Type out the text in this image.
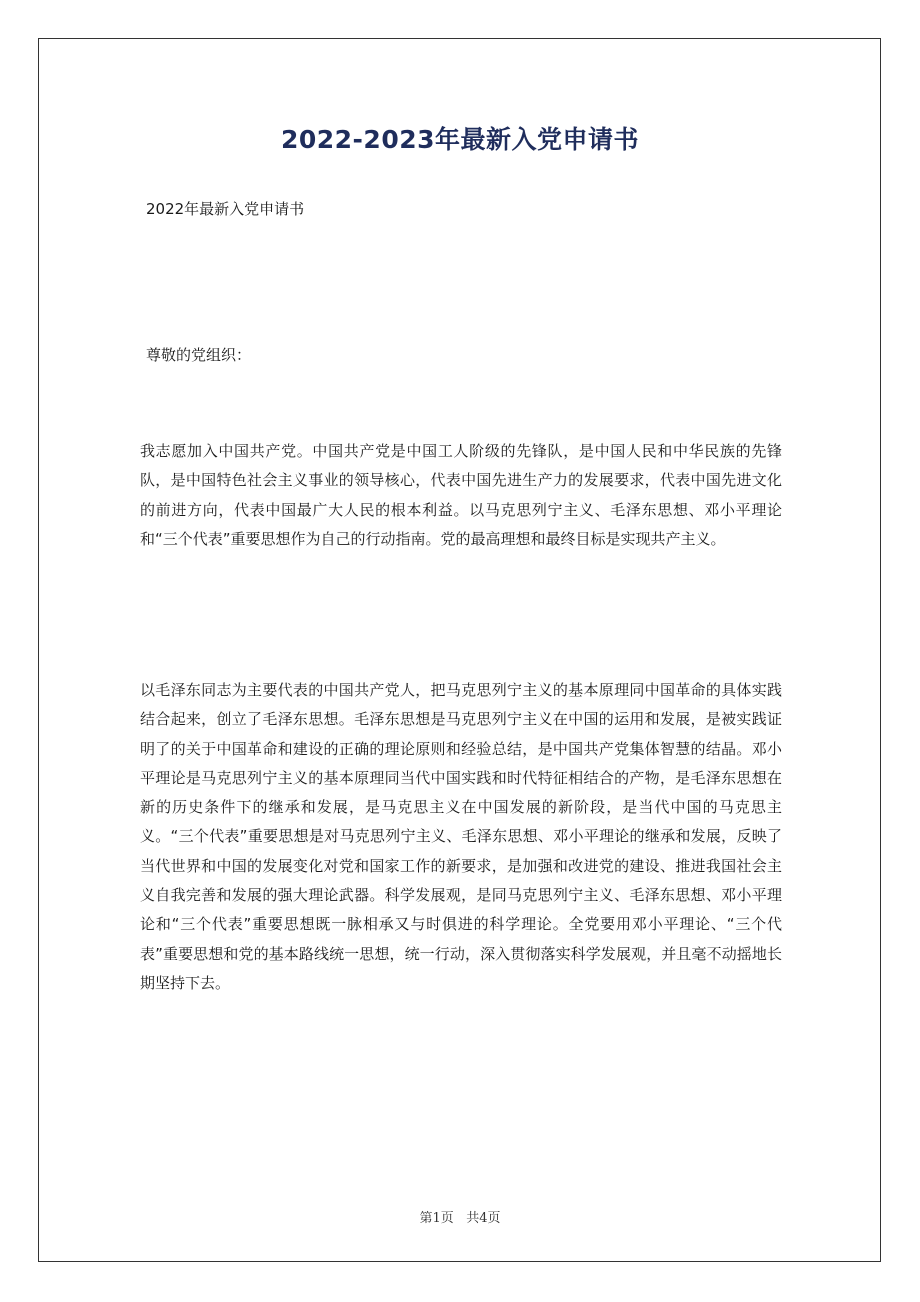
2022-2023年最新入党申请书
2022年最新入党申请书
尊敬的党组织：

我志愿加入中国共产党。中国共产党是中国工人阶级的先锋队，是中国人民和中华民族的先锋队，是中国特色社会主义事业的领导核心，代表中国先进生产力的发展要求，代表中国先进文化的前进方向，代表中国最广大人民的根本利益。以马克思列宁主义、毛泽东思想、邓小平理论和“三个代表”重要思想作为自己的行动指南。党的最高理想和最终目标是实现共产主义。

以毛泽东同志为主要代表的中国共产党人，把马克思列宁主义的基本原理同中国革命的具体实践结合起来，创立了毛泽东思想。毛泽东思想是马克思列宁主义在中国的运用和发展，是被实践证明了的关于中国革命和建设的正确的理论原则和经验总结，是中国共产党集体智慧的结晶。邓小平理论是马克思列宁主义的基本原理同当代中国实践和时代特征相结合的产物，是毛泽东思想在新的历史条件下的继承和发展，是马克思主义在中国发展的新阶段，是当代中国的马克思主义。“三个代表”重要思想是对马克思列宁主义、毛泽东思想、邓小平理论的继承和发展，反映了当代世界和中国的发展变化对党和国家工作的新要求，是加强和改进党的建设、推进我国社会主义自我完善和发展的强大理论武器。科学发展观，是同马克思列宁主义、毛泽东思想、邓小平理论和“三个代表”重要思想既一脉相承又与时俱进的科学理论。全党要用邓小平理论、“三个代表”重要思想和党的基本路线统一思想，统一行动，深入贯彻落实科学发展观，并且毫不动摇地长期坚持下去。

第1页 共4页
